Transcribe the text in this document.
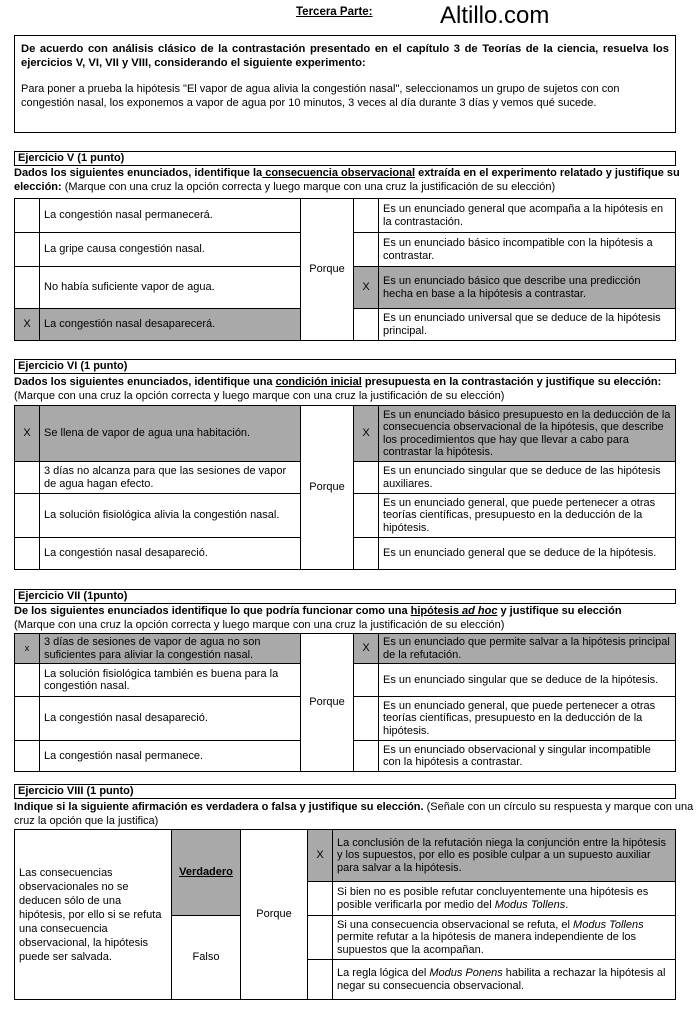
Tercera Parte:	Altillo.com
De acuerdo con análisis clásico de la contrastación presentado en el capítulo 3 de Teorías de la ciencia, resuelva los ejercicios V, VI, VII y VIII, considerando el siguiente experimento:
Para poner a prueba la hipótesis "El vapor de agua alivia la congestión nasal", seleccionamos un grupo de sujetos con con congestión nasal, los exponemos a vapor de agua por 10 minutos, 3 veces al día durante 3 días y vemos qué sucede.
Ejercicio V (1 punto)
Dados los siguientes enunciados, identifique la consecuencia observacional extraída en el experimento relatado y justifique su elección: (Marque con una cruz la opción correcta y luego marque con una cruz la justificación de su elección)
	La congestión nasal permanecerá.	Porque		Es un enunciado general que acompaña a la hipótesis en la contrastación.
	La gripe causa congestión nasal.			Es un enunciado básico incompatible con la hipótesis a contrastar.
	No había suficiente vapor de agua.		X	Es un enunciado básico que describe una predicción hecha en base a la hipótesis a contrastar.
X	La congestión nasal desaparecerá.			Es un enunciado universal que se deduce de la hipótesis principal.
Ejercicio VI (1 punto)
Dados los siguientes enunciados, identifique una condición inicial presupuesta en la contrastación y justifique su elección: (Marque con una cruz la opción correcta y luego marque con una cruz la justificación de su elección)
X	Se llena de vapor de agua una habitación.	Porque	X	Es un enunciado básico presupuesto en la deducción de la consecuencia observacional de la hipótesis, que describe los procedimientos que hay que llevar a cabo para contrastar la hipótesis.
	3 días no alcanza para que las sesiones de vapor de agua hagan efecto.			Es un enunciado singular que se deduce de las hipótesis auxiliares.
	La solución fisiológica alivia la congestión nasal.			Es un enunciado general, que puede pertenecer a otras teorías científicas, presupuesto en la deducción de la hipótesis.
	La congestión nasal desapareció.			Es un enunciado general que se deduce de la hipótesis.
Ejercicio VII (1punto)
De los siguientes enunciados identifique lo que podría funcionar como una hipótesis ad hoc y justifique su elección
(Marque con una cruz la opción correcta y luego marque con una cruz la justificación de su elección)
x	3 días de sesiones de vapor de agua no son suficientes para aliviar la congestión nasal.	Porque	X	Es un enunciado que permite salvar a la hipótesis principal de la refutación.
	La solución fisiológica también es buena para la congestión nasal.			Es un enunciado singular que se deduce de la hipótesis.
	La congestión nasal desapareció.			Es un enunciado general, que puede pertenecer a otras teorías científicas, presupuesto en la deducción de la hipótesis.
	La congestión nasal permanece.			Es un enunciado observacional y singular incompatible con la hipótesis a contrastar.
Ejercicio VIII (1 punto)
Indique si la siguiente afirmación es verdadera o falsa y justifique su elección. (Señale con un círculo su respuesta y marque con una cruz la opción que la justifica)
Las consecuencias observacionales no se deducen sólo de una hipótesis, por ello si se refuta una consecuencia observacional, la hipótesis puede ser salvada.	Verdadero	Porque	X	La conclusión de la refutación niega la conjunción entre la hipótesis y los supuestos, por ello es posible culpar a un supuesto auxiliar para salvar a la hipótesis.
				Si bien no es posible refutar concluyentemente una hipótesis es posible verificarla por medio del Modus Tollens.
	Falso			Si una consecuencia observacional se refuta, el Modus Tollens permite refutar a la hipótesis de manera independiente de los supuestos que la acompañan.
				La regla lógica del Modus Ponens habilita a rechazar la hipótesis al negar su consecuencia observacional.
